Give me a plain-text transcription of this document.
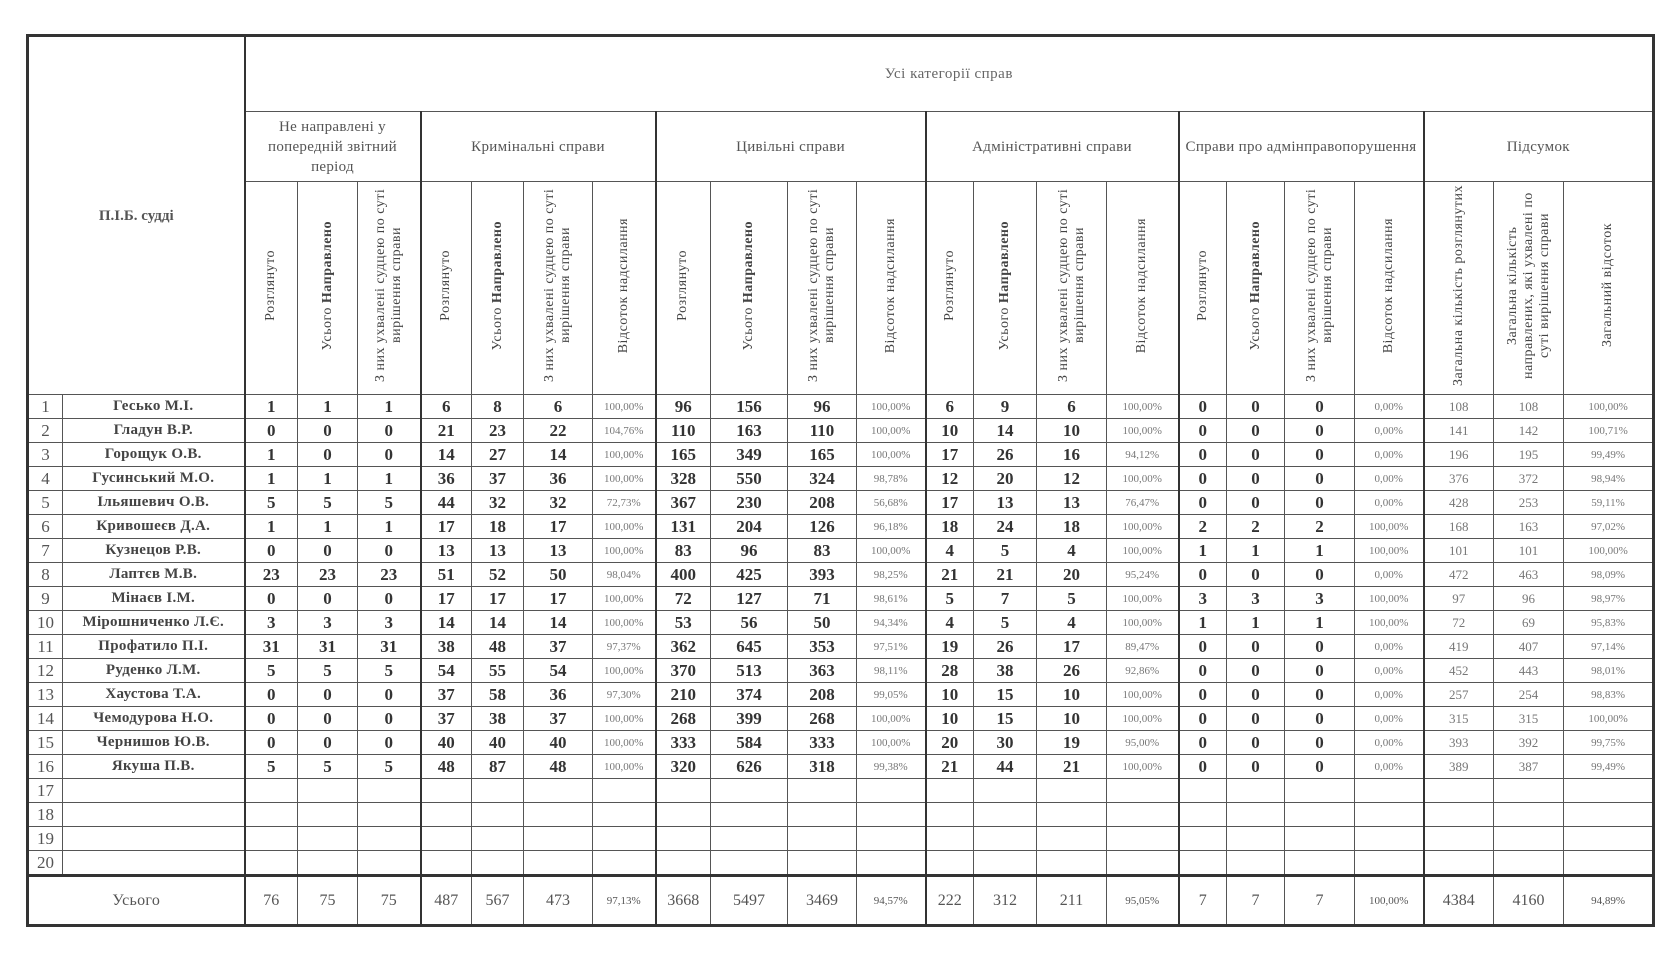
П.І.Б. судді		Усі категорії справ																					
		Не направлені у попередній звітний період			Кримінальні справи				Цивільні справи				Адміністративні справи				Справи про адмінправопорушення				Підсумок		
		Розглянуто	Усього Направлено	З них ухвалені судцею по суті вирішення справи	Розглянуто	Усього Направлено	З них ухвалені судцею по суті вирішення справи	Відсоток надсилання	Розглянуто	Усього Направлено	З них ухвалені судцею по суті вирішення справи	Відсоток надсилання	Розглянуто	Усього Направлено	З них ухвалені судцею по суті вирішення справи	Відсоток надсилання	Розглянуто	Усього Направлено	З них ухвалені судцею по суті вирішення справи	Відсоток надсилання	Загальна кількість розглянутих	Загальна кількість направлених, які ухвалені по суті вирішення справи	Загальний відсоток
1	Гесько М.І.	1	1	1	6	8	6	100,00%	96	156	96	100,00%	6	9	6	100,00%	0	0	0	0,00%	108	108	100,00%
2	Гладун В.Р.	0	0	0	21	23	22	104,76%	110	163	110	100,00%	10	14	10	100,00%	0	0	0	0,00%	141	142	100,71%
3	Горощук О.В.	1	0	0	14	27	14	100,00%	165	349	165	100,00%	17	26	16	94,12%	0	0	0	0,00%	196	195	99,49%
4	Гусинський М.О.	1	1	1	36	37	36	100,00%	328	550	324	98,78%	12	20	12	100,00%	0	0	0	0,00%	376	372	98,94%
5	Ільяшевич О.В.	5	5	5	44	32	32	72,73%	367	230	208	56,68%	17	13	13	76,47%	0	0	0	0,00%	428	253	59,11%
6	Кривошеєв Д.А.	1	1	1	17	18	17	100,00%	131	204	126	96,18%	18	24	18	100,00%	2	2	2	100,00%	168	163	97,02%
7	Кузнецов Р.В.	0	0	0	13	13	13	100,00%	83	96	83	100,00%	4	5	4	100,00%	1	1	1	100,00%	101	101	100,00%
8	Лаптєв М.В.	23	23	23	51	52	50	98,04%	400	425	393	98,25%	21	21	20	95,24%	0	0	0	0,00%	472	463	98,09%
9	Мінаєв І.М.	0	0	0	17	17	17	100,00%	72	127	71	98,61%	5	7	5	100,00%	3	3	3	100,00%	97	96	98,97%
10	Мірошниченко Л.Є.	3	3	3	14	14	14	100,00%	53	56	50	94,34%	4	5	4	100,00%	1	1	1	100,00%	72	69	95,83%
11	Профатило П.І.	31	31	31	38	48	37	97,37%	362	645	353	97,51%	19	26	17	89,47%	0	0	0	0,00%	419	407	97,14%
12	Руденко Л.М.	5	5	5	54	55	54	100,00%	370	513	363	98,11%	28	38	26	92,86%	0	0	0	0,00%	452	443	98,01%
13	Хаустова Т.А.	0	0	0	37	58	36	97,30%	210	374	208	99,05%	10	15	10	100,00%	0	0	0	0,00%	257	254	98,83%
14	Чемодурова Н.О.	0	0	0	37	38	37	100,00%	268	399	268	100,00%	10	15	10	100,00%	0	0	0	0,00%	315	315	100,00%
15	Чернишов Ю.В.	0	0	0	40	40	40	100,00%	333	584	333	100,00%	20	30	19	95,00%	0	0	0	0,00%	393	392	99,75%
16	Якуша П.В.	5	5	5	48	87	48	100,00%	320	626	318	99,38%	21	44	21	100,00%	0	0	0	0,00%	389	387	99,49%
17																							
18																							
19																							
20																							
Усього		76	75	75	487	567	473	97,13%	3668	5497	3469	94,57%	222	312	211	95,05%	7	7	7	100,00%	4384	4160	94,89%
